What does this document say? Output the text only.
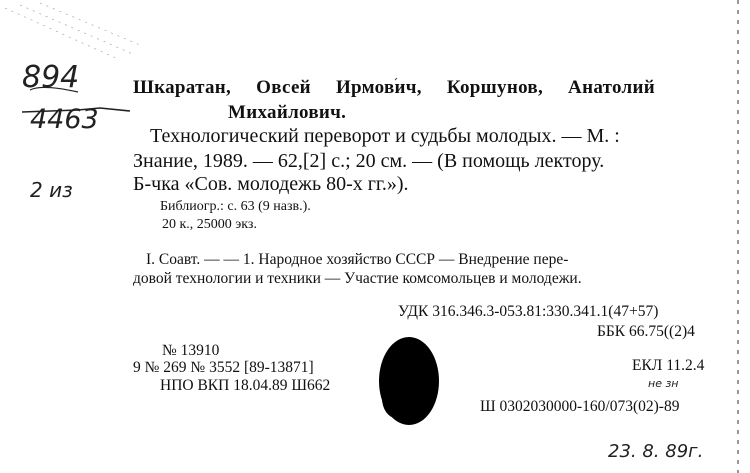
894
4463
2 из
не зн
23. 8. 89г.
Шкаратан, Овсей Ирмович, Коршунов, Анатолий
Михайлович.
Технологический переворот и судьбы молодых. — М. :
Знание, 1989. — 62,[2] с.; 20 см. — (В помощь лектору.
Б-чка «Сов. молодежь 80-х гг.»).
Библиогр.: с. 63 (9 назв.).
20 к., 25000 экз.
I. Соавт. — — 1. Народное хозяйство СССР — Внедрение пере-
довой технологии и техники — Участие комсомольцев и молодежи.
УДК 316.346.3-053.81:330.341.1(47+57)
ББК 66.75((2)4
№ 13910
9 № 269 № 3552 [89-13871]
НПО ВКП 18.04.89 Ш662
ЕКЛ 11.2.4
Ш 0302030000-160/073(02)-89
